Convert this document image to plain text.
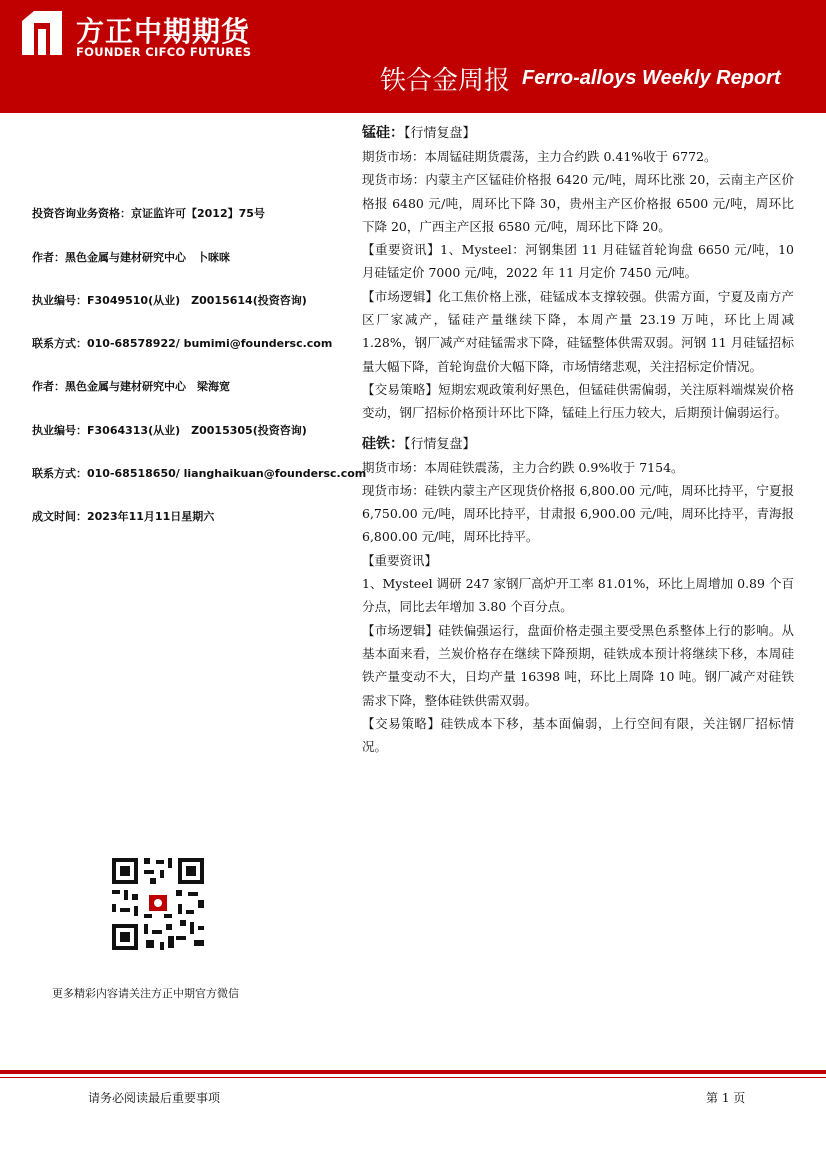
方正中期期货
FOUNDER CIFCO FUTURES
铁合金周报 Ferro-alloys Weekly Report
投资咨询业务资格：京证监许可【2012】75号
作者：黑色金属与建材研究中心　卜咪咪
执业编号：F3049510(从业)　Z0015614(投资咨询)
联系方式：010-68578922/ bumimi@foundersc.com
作者：黑色金属与建材研究中心　梁海宽
执业编号：F3064313(从业)　Z0015305(投资咨询)
联系方式：010-68518650/ lianghaikuan@foundersc.com
成文时间：2023年11月11日星期六
锰硅：【行情复盘】

期货市场：本周锰硅期货震荡，主力合约跌 0.41%收于 6772。

现货市场：内蒙主产区锰硅价格报 6420 元/吨，周环比涨 20，云南主产区价格报 6480 元/吨，周环比下降 30，贵州主产区价格报 6500 元/吨，周环比下降 20，广西主产区报 6580 元/吨，周环比下降 20。

【重要资讯】1、Mysteel：河钢集团 11 月硅锰首轮询盘 6650 元/吨，10 月硅锰定价 7000 元/吨，2022 年 11 月定价 7450 元/吨。

【市场逻辑】化工焦价格上涨，硅锰成本支撑较强。供需方面，宁夏及南方产区厂家减产，锰硅产量继续下降，本周产量 23.19 万吨，环比上周减 1.28%，钢厂减产对硅锰需求下降，硅锰整体供需双弱。河钢 11 月硅锰招标量大幅下降，首轮询盘价大幅下降，市场情绪悲观，关注招标定价情况。

【交易策略】短期宏观政策利好黑色，但锰硅供需偏弱，关注原料端煤炭价格变动，钢厂招标价格预计环比下降，锰硅上行压力较大，后期预计偏弱运行。

硅铁：【行情复盘】

期货市场：本周硅铁震荡，主力合约跌 0.9%收于 7154。

现货市场：硅铁内蒙主产区现货价格报 6,800.00 元/吨，周环比持平，宁夏报 6,750.00 元/吨，周环比持平，甘肃报 6,900.00 元/吨，周环比持平，青海报 6,800.00 元/吨，周环比持平。

【重要资讯】

1、Mysteel 调研 247 家钢厂高炉开工率 81.01%，环比上周增加 0.89 个百分点，同比去年增加 3.80 个百分点。

【市场逻辑】硅铁偏强运行，盘面价格走强主要受黑色系整体上行的影响。从基本面来看，兰炭价格存在继续下降预期，硅铁成本预计将继续下移，本周硅铁产量变动不大，日均产量 16398 吨，环比上周降 10 吨。钢厂减产对硅铁需求下降，整体硅铁供需双弱。

【交易策略】硅铁成本下移，基本面偏弱，上行空间有限，关注钢厂招标情况。

更多精彩内容请关注方正中期官方微信
请务必阅读最后重要事项	第 1 页
